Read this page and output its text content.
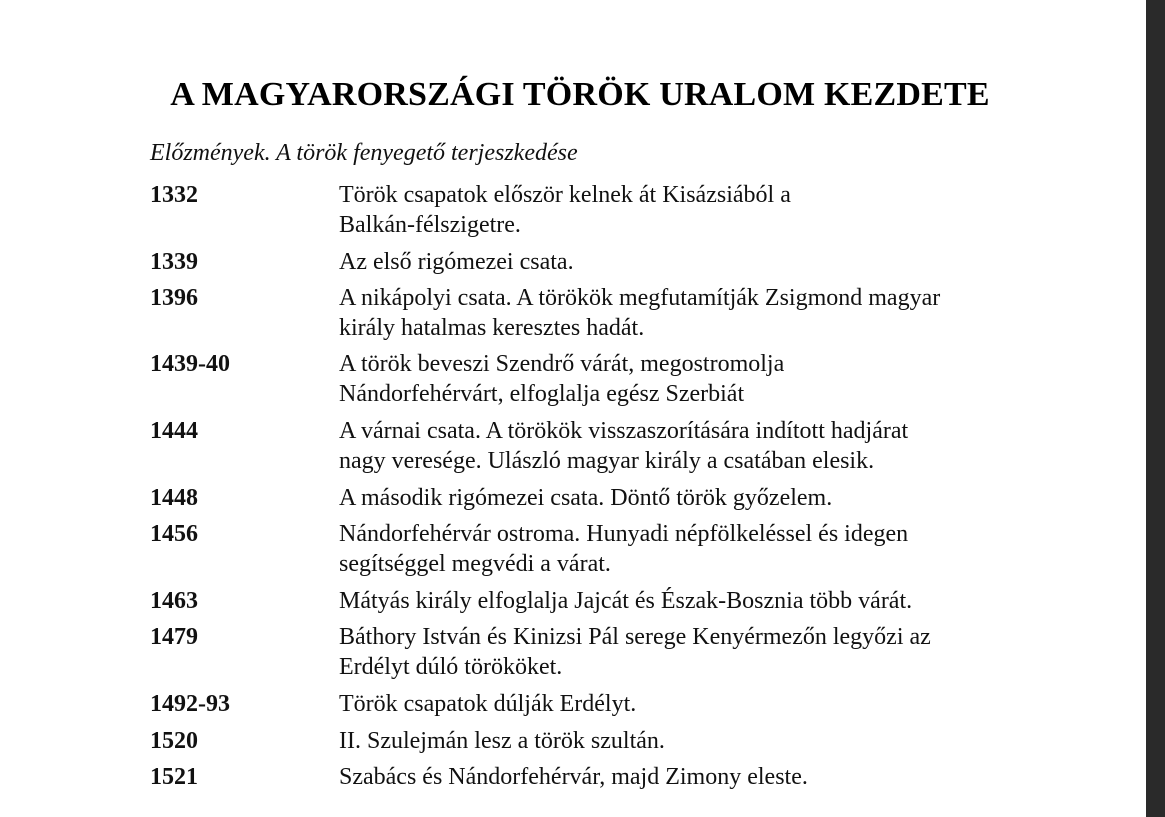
A MAGYARORSZÁGI TÖRÖK URALOM KEZDETE
Előzmények. A török fenyegető terjeszkedése
1332	Török csapatok először kelnek át Kisázsiából a
Balkán-félszigetre.
1339	Az első rigómezei csata.
1396	A nikápolyi csata. A törökök megfutamítják Zsigmond magyar
király hatalmas keresztes hadát.
1439-40	A török beveszi Szendrő várát, megostromolja
Nándorfehérvárt, elfoglalja egész Szerbiát
1444	A várnai csata. A törökök visszaszorítására indított hadjárat
nagy veresége. Ulászló magyar király a csatában elesik.
1448	A második rigómezei csata. Döntő török győzelem.
1456	Nándorfehérvár ostroma. Hunyadi népfölkeléssel és idegen
segítséggel megvédi a várat.
1463	Mátyás király elfoglalja Jajcát és Észak-Bosznia több várát.
1479	Báthory István és Kinizsi Pál serege Kenyérmezőn legyőzi az
Erdélyt dúló törököket.
1492-93	Török csapatok dúlják Erdélyt.
1520	II. Szulejmán lesz a török szultán.
1521	Szabács és Nándorfehérvár, majd Zimony eleste.
